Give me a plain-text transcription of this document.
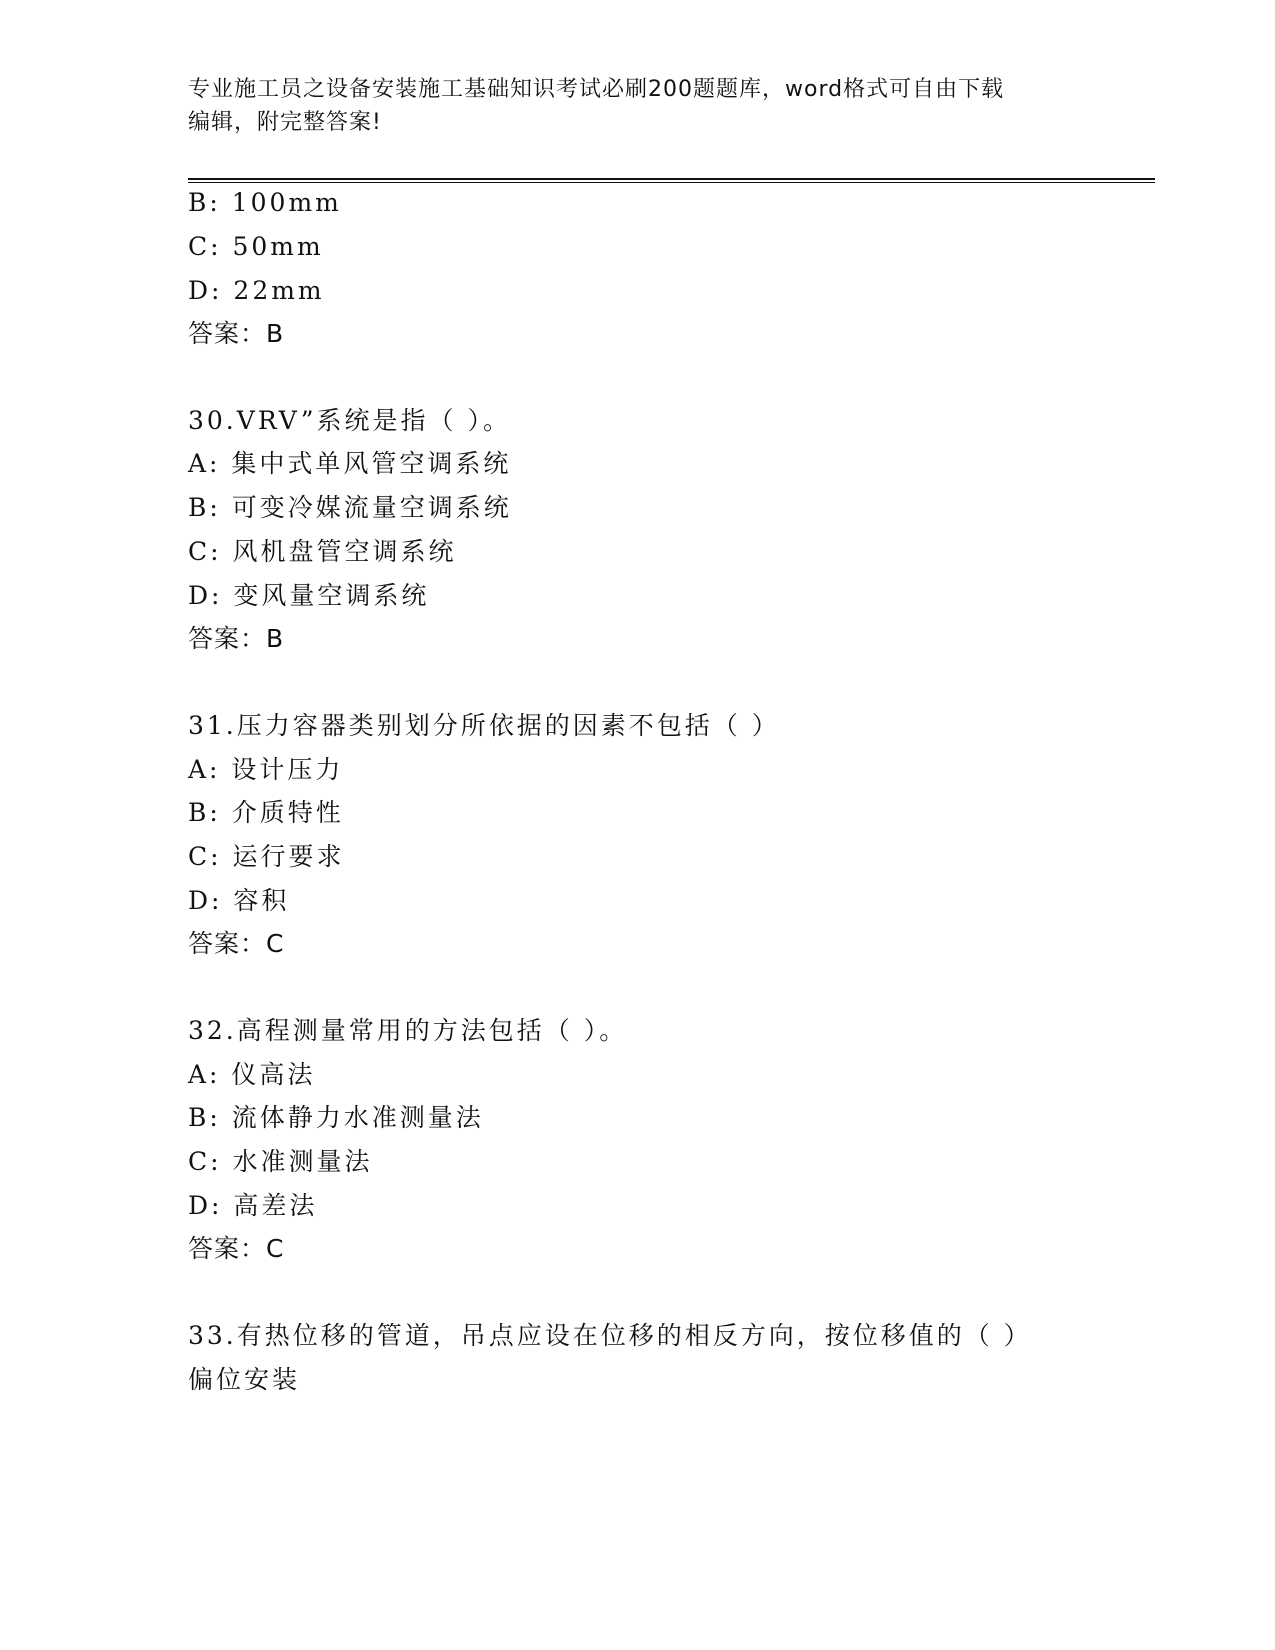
专业施工员之设备安装施工基础知识考试必刷200题题库，word格式可自由下载
编辑，附完整答案!
B: 100mm
C: 50mm
D: 22mm
答案：B
30.VRV”系统是指（ ）。
A: 集中式单风管空调系统
B: 可变冷媒流量空调系统
C: 风机盘管空调系统
D: 变风量空调系统
答案：B
31.压力容器类别划分所依据的因素不包括（ ）
A: 设计压力
B: 介质特性
C: 运行要求
D: 容积
答案：C
32.高程测量常用的方法包括（ ）。
A: 仪高法
B: 流体静力水准测量法
C: 水准测量法
D: 高差法
答案：C
33.有热位移的管道，吊点应设在位移的相反方向，按位移值的（ ）
偏位安装
